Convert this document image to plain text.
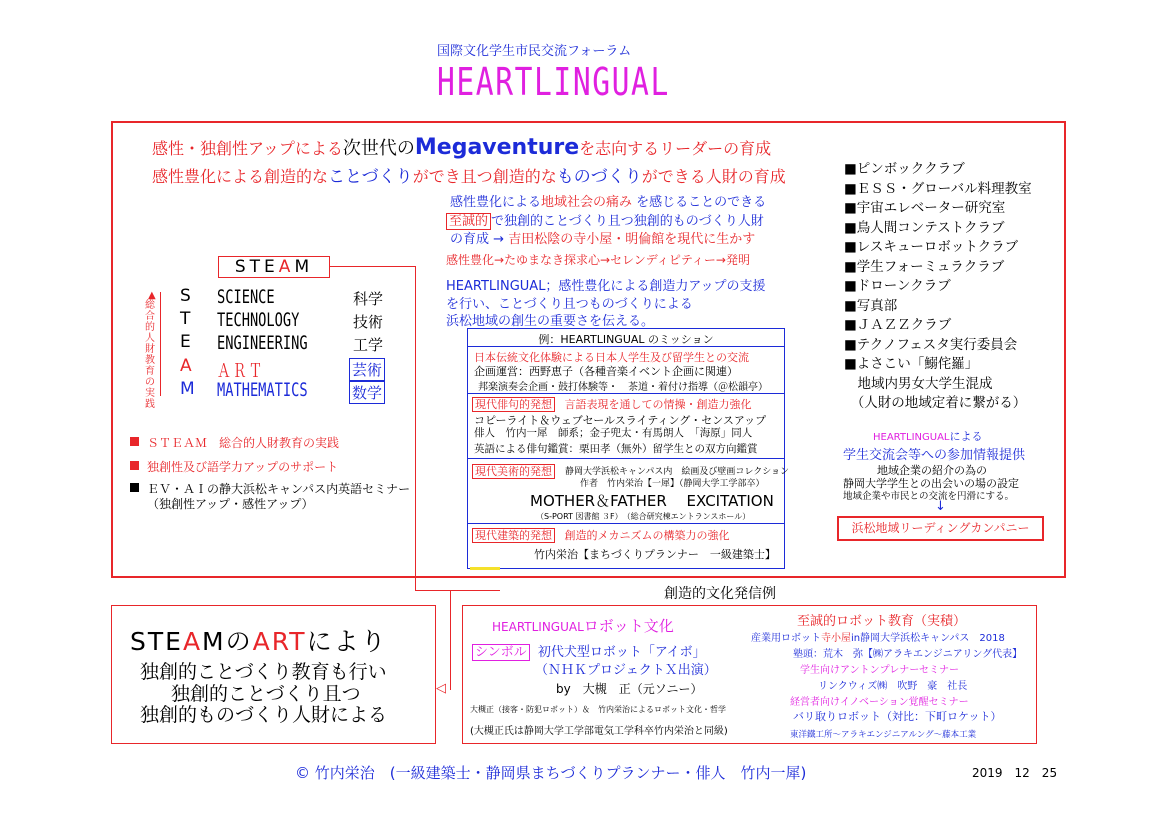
国際文化学生市民交流フォーラム
HEARTLINGUAL
感性・独創性アップによる次世代のMegaventureを志向するリーダーの育成
感性豊化による創造的なことづくりができ且つ創造的なものづくりができる人財の育成
感性豊化による地域社会の痛み を感じることのできる
至誠的 で独創的ことづくり且つ独創的ものづくり人財
の育成 → 吉田松陰の寺小屋・明倫館を現代に生かす
感性豊化→たゆまなき探求心→セレンディピティー→発明
HEARTLINGUAL；感性豊化による創造力アップの支援
を行い、ことづくり且つものづくりによる
浜松地域の創生の重要さを伝える。
STEAM
▲
総合的人財教育の実践
S SCIENCE	科学
T TECHNOLOGY	技術
E ENGINEERING	工学
A ＡＲＴ	芸術
M MATHEMATICS	数学
ＳＴＥＡＭ　総合的人財教育の実践
独創性及び語学力アップのサポート
ＥＶ・ＡＩの静大浜松キャンパス内英語セミナー
（独創性アップ・感性アップ）
例：HEARTLINGUAL のミッション
日本伝統文化体験による日本人学生及び留学生との交流
企画運営：西野恵子（各種音楽イベント企画に関連）
邦楽演奏会企画・鼓打体験等・　茶道・着付け指導（＠松韻亭）
現代俳句的発想 言語表現を通しての情操・創造力強化
コピーライト＆ウェブセールスライティング・センスアップ
俳人　竹内一犀　師系；金子兜太・有馬朗人　「海原」同人
英語による俳句鑑賞：栗田孝（無外）留学生との双方向鑑賞
現代美術的発想	静岡大学浜松キャンパス内　絵画及び壁画コレクション
作者　竹内栄治【一犀】（静岡大学工学部卒）
MOTHER＆FATHER　 EXCITATION
（S-PORT 図書館 ３F）　（総合研究棟エントランスホール）
現代建築的発想 創造的メカニズムの構築力の強化
竹内栄治【まちづくりプランナー　一級建築士】
■ピンボッククラブ
■ＥＳＳ・グローバル料理教室
■宇宙エレベーター研究室
■鳥人間コンテストクラブ
■レスキューロボットクラブ
■学生フォーミュラクラブ
■ドローンクラブ
■写真部
■ＪＡＺＺクラブ
■テクノフェスタ実行委員会
■よさこい「鰯侘羅」
　地域内男女大学生混成
　（人財の地域定着に繋がる）
HEARTLINGUALによる
学生交流会等への参加情報提供
地域企業の紹介の為の
静岡大学学生との出会いの場の設定
地域企業や市民との交流を円滑にする。
↓
浜松地域リーディングカンパニー
◁
創造的文化発信例
STEAMのARTにより
独創的ことづくり教育も行い
独創的ことづくり且つ
独創的ものづくり人財による
HEARTLINGUALロボット文化
シンボル 初代犬型ロボット「アイボ」
（ＮＨＫプロジェクトＸ出演）
by　大槻　正（元ソニー）
大槻正（接客・防犯ロボット）＆　竹内栄治によるロボット文化・哲学
(大槻正氏は静岡大学工学部電気工学科卒竹内栄治と同級)
至誠的ロボット教育（実積）
産業用ロボット寺小屋in静岡大学浜松キャンパス　2018
塾頭：荒木　弥【㈱アラキエンジニアリング代表】
学生向けアントンプレナーセミナー
リンクウィズ㈱　吹野　豪　社長
経営者向けイノベーション覚醒セミナー
バリ取りロボット（対比：下町ロケット）
東洋鐵工所〜アラキエンジニアルング〜藤本工業
© 竹内栄治　(一級建築士・静岡県まちづくりプランナー・俳人　竹内一犀)	2019　12　25
